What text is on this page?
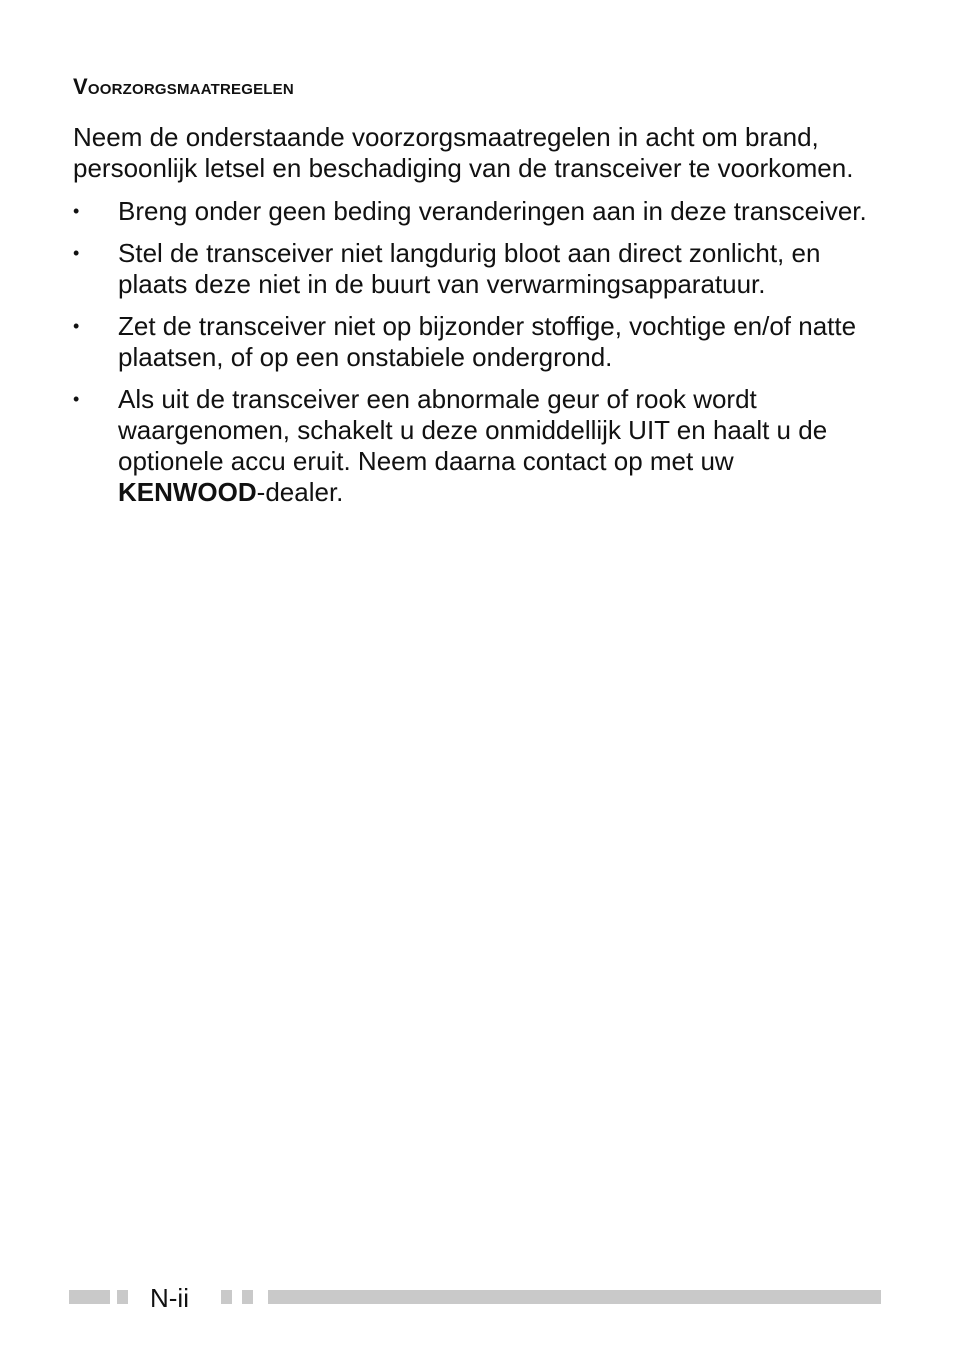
Voorzorgsmaatregelen

Neem de onderstaande voorzorgsmaatregelen in acht om brand, persoonlijk letsel en beschadiging van de transceiver te voorkomen.

• Breng onder geen beding veranderingen aan in deze transceiver.
• Stel de transceiver niet langdurig bloot aan direct zonlicht, en plaats deze niet in de buurt van verwarmingsapparatuur.
• Zet de transceiver niet op bijzonder stoffige, vochtige en/of natte plaatsen, of op een onstabiele ondergrond.
• Als uit de transceiver een abnormale geur of rook wordt waargenomen, schakelt u deze onmiddellijk UIT en haalt u de optionele accu eruit. Neem daarna contact op met uw KENWOOD-dealer.
N-ii
